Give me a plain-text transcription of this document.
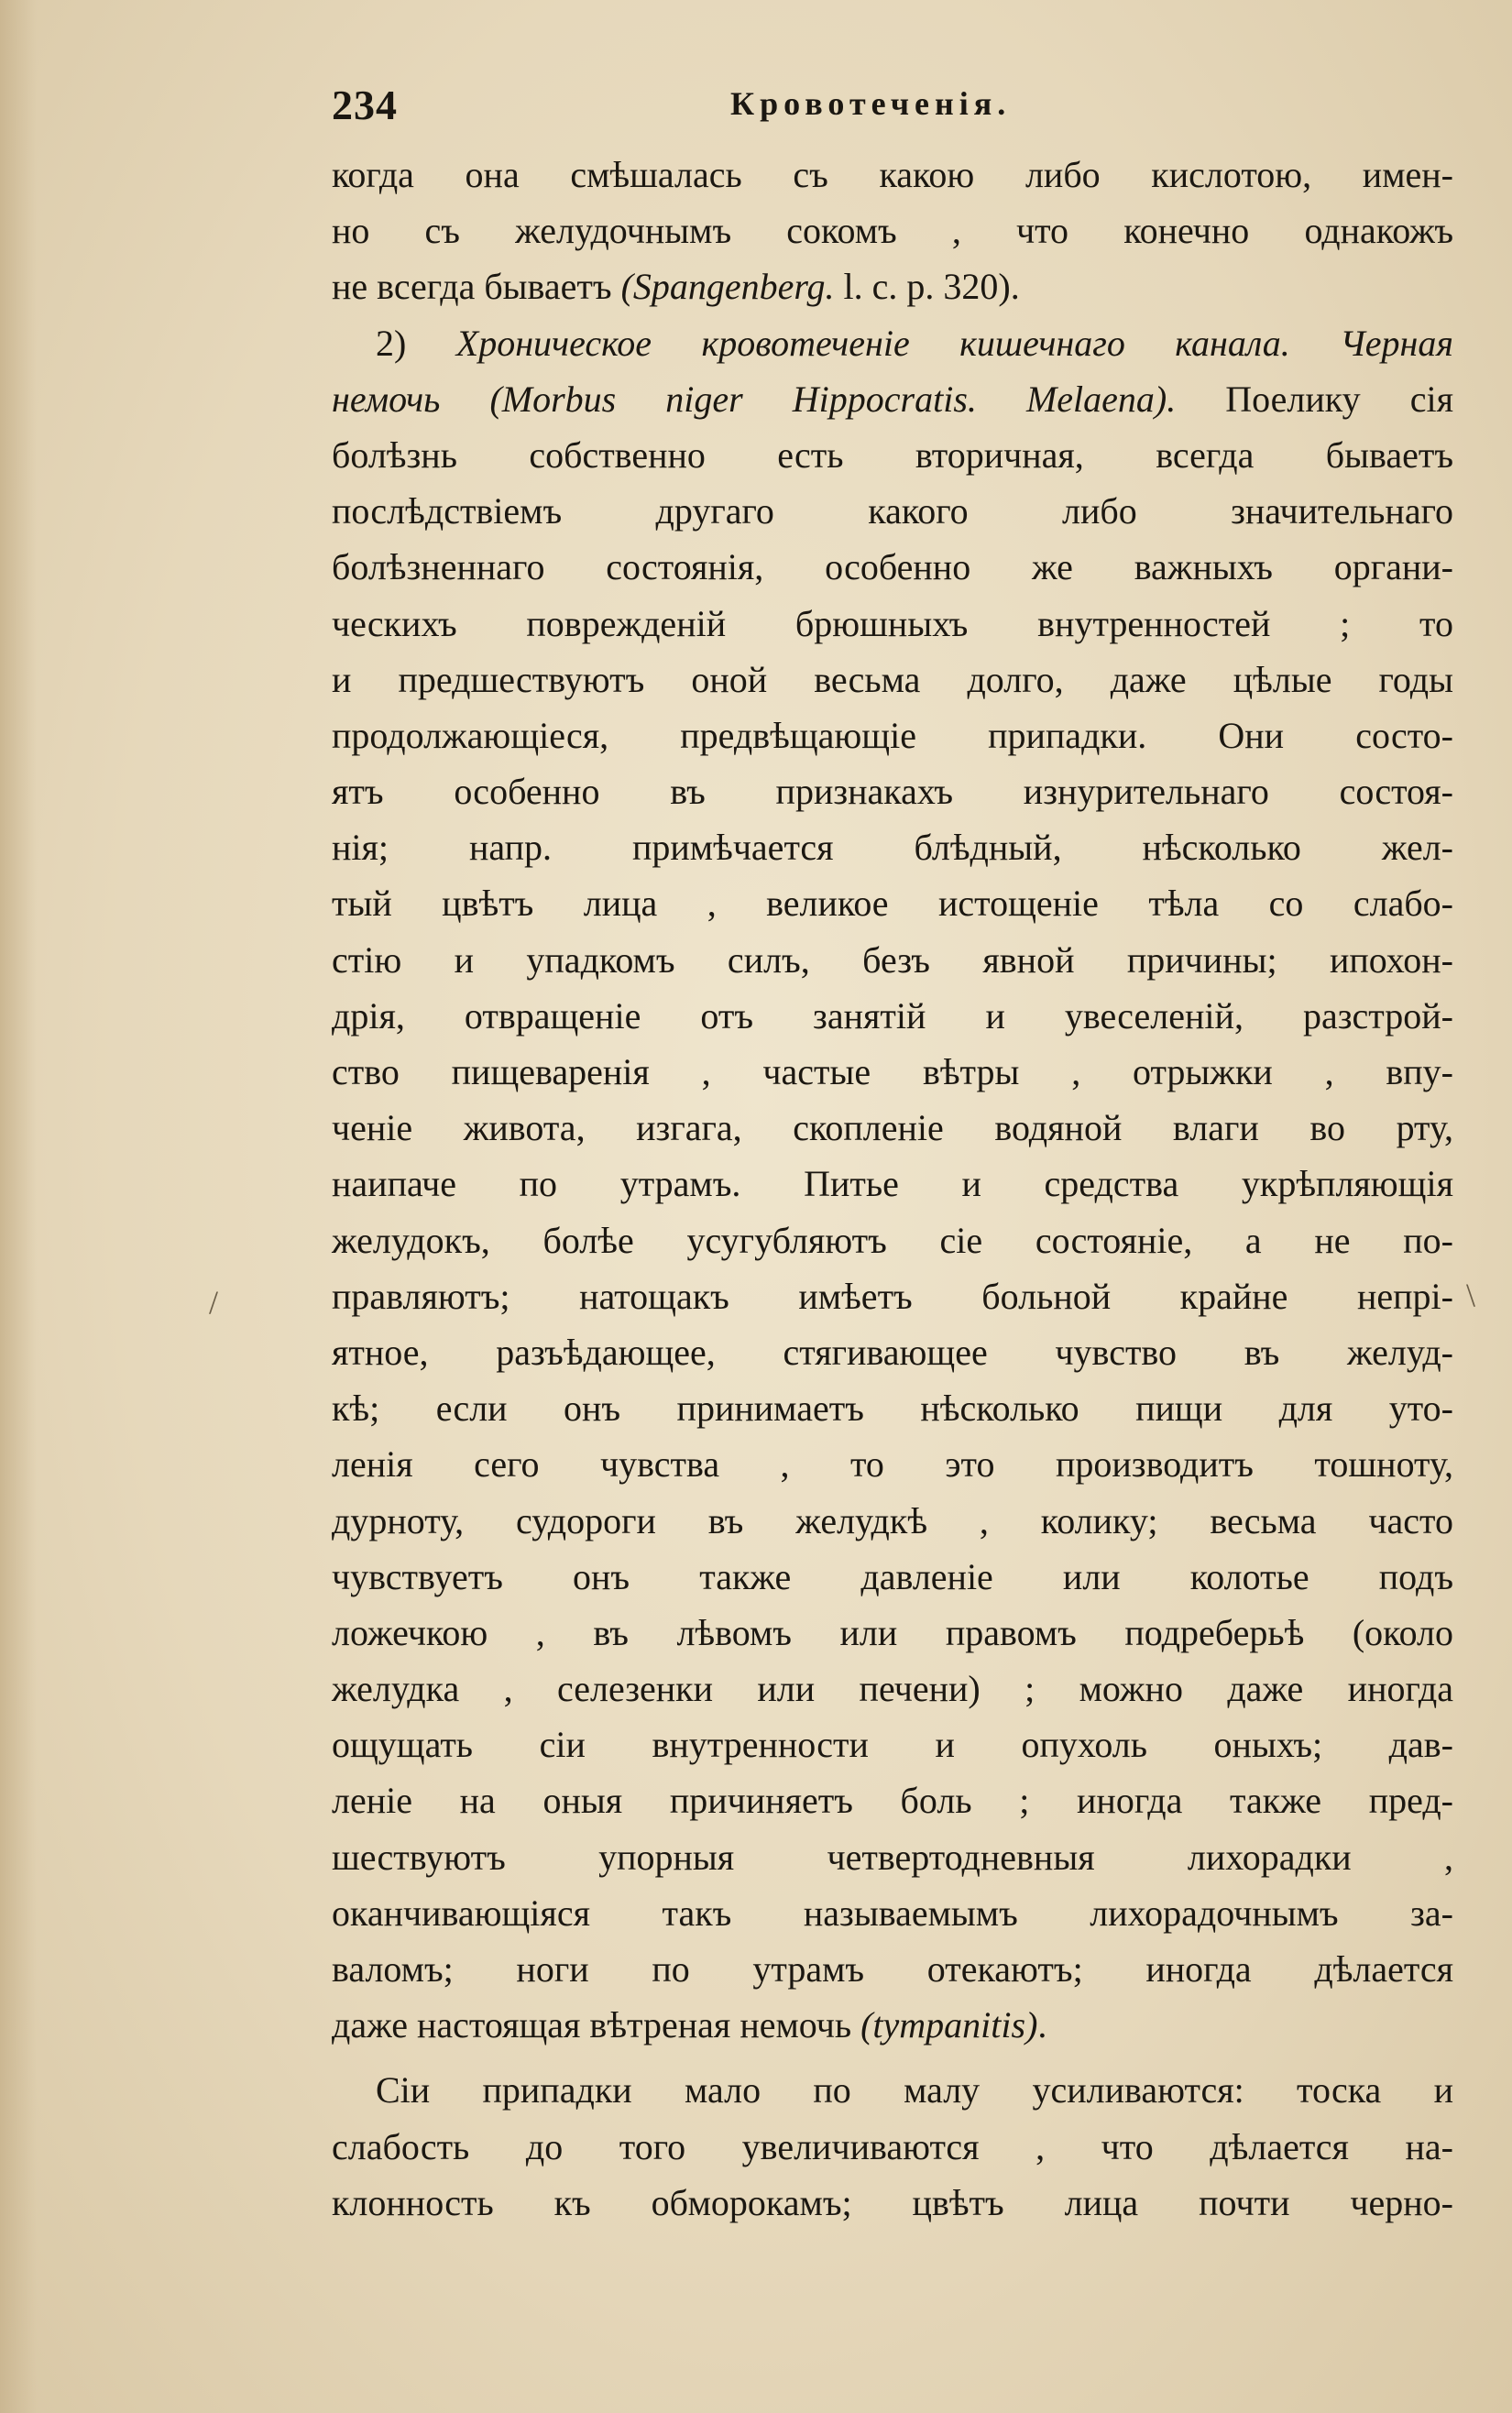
234	Кровотеченія.
когда она смѣшалась съ какою либо кислотою, имен-
но съ желудочнымъ сокомъ , что конечно однакожъ
не всегда бываетъ (Spangenberg. l. c. p. 320).
2) Хроническое кровотеченіе кишечнаго канала. Черная
немочь (Morbus niger Hippocratis. Melaena). Поелику сія
болѣзнь собственно есть вторичная, всегда бываетъ
послѣдствіемъ другаго какого либо значительнаго
болѣзненнаго состоянія, особенно же важныхъ органи-
ческихъ поврежденій брюшныхъ внутренностей ; то
и предшествуютъ оной весьма долго, даже цѣлые годы
продолжающіеся, предвѣщающіе припадки. Они состо-
ятъ особенно въ признакахъ изнурительнаго состоя-
нія; напр. примѣчается блѣдный, нѣсколько жел-
тый цвѣтъ лица , великое истощеніе тѣла со слабо-
стію и упадкомъ силъ, безъ явной причины; ипохон-
дрія, отвращеніе отъ занятій и увеселеній, разстрой-
ство пищеваренія , частые вѣтры , отрыжки , впу-
ченіе живота, изгага, скопленіе водяной влаги во рту,
наипаче по утрамъ. Питье и средства укрѣпляющія
желудокъ, болѣе усугубляютъ сіе состояніе, а не по-
правляютъ; натощакъ имѣетъ больной крайне непрі-
ятное, разъѣдающее, стягивающее чувство въ желуд-
кѣ; если онъ принимаетъ нѣсколько пищи для уто-
ленія сего чувства , то это производитъ тошноту,
дурноту, судороги въ желудкѣ , колику; весьма часто
чувствуетъ онъ также давленіе или колотье подъ
ложечкою , въ лѣвомъ или правомъ подреберьѣ (около
желудка , селезенки или печени) ; можно даже иногда
ощущать сіи внутренности и опухоль оныхъ; дав-
леніе на оныя причиняетъ боль ; иногда также пред-
шествуютъ упорныя четвертодневныя лихорадки ,
оканчивающіяся такъ называемымъ лихорадочнымъ за-
валомъ; ноги по утрамъ отекаютъ; иногда дѣлается
даже настоящая вѣтреная немочь (tympanitis).
Сіи припадки мало по малу усиливаются: тоска и
слабость до того увеличиваются , что дѣлается на-
клонность къ обморокамъ; цвѣтъ лица почти черно-
/	\
